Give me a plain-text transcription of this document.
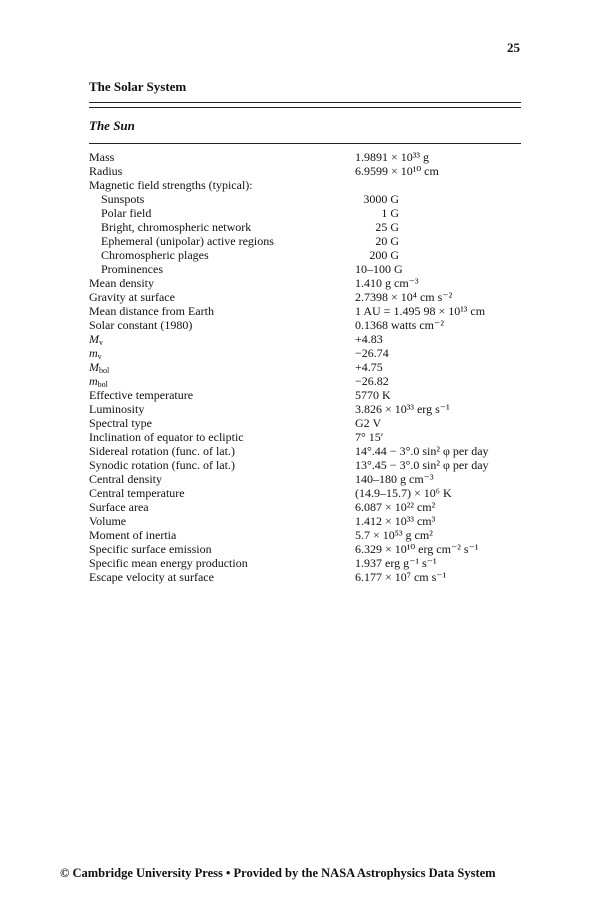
25
The Solar System
The Sun
Mass	1.9891 × 10³³ g
Radius	6.9599 × 10¹⁰ cm
Magnetic field strengths (typical):
Sunspots	3000 G
Polar field	1 G
Bright, chromospheric network	25 G
Ephemeral (unipolar) active regions	20 G
Chromospheric plages	200 G
Prominences	10–100 G
Mean density	1.410 g cm⁻³
Gravity at surface	2.7398 × 10⁴ cm s⁻²
Mean distance from Earth	1 AU = 1.495 98 × 10¹³ cm
Solar constant (1980)	0.1368 watts cm⁻²
$M_v$	+4.83
$m_v$	−26.74
$M_{bol}$	+4.75
$m_{bol}$	−26.82
Effective temperature	5770 K
Luminosity	3.826 × 10³³ erg s⁻¹
Spectral type	G2 V
Inclination of equator to ecliptic	7° 15′
Sidereal rotation (func. of lat.)	14°.44 − 3°.0 sin² φ per day
Synodic rotation (func. of lat.)	13°.45 − 3°.0 sin² φ per day
Central density	140–180 g cm⁻³
Central temperature	(14.9–15.7) × 10⁶ K
Surface area	6.087 × 10²² cm²
Volume	1.412 × 10³³ cm³
Moment of inertia	5.7 × 10⁵³ g cm²
Specific surface emission	6.329 × 10¹⁰ erg cm⁻² s⁻¹
Specific mean energy production	1.937 erg g⁻¹ s⁻¹
Escape velocity at surface	6.177 × 10⁷ cm s⁻¹
© Cambridge University Press • Provided by the NASA Astrophysics Data System
